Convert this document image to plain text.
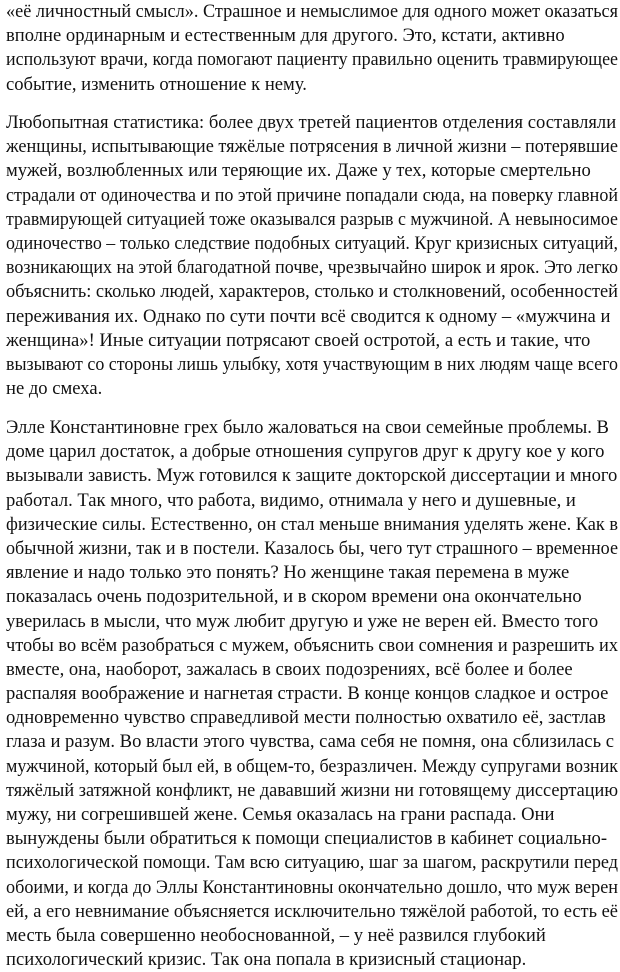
«её личностный смысл». Страшное и немыслимое для одного может оказаться
вполне ординарным и естественным для другого. Это, кстати, активно
используют врачи, когда помогают пациенту правильно оценить травмирующее
событие, изменить отношение к нему.

Любопытная статистика: более двух третей пациентов отделения составляли
женщины, испытывающие тяжёлые потрясения в личной жизни – потерявшие
мужей, возлюбленных или теряющие их. Даже у тех, которые смертельно
страдали от одиночества и по этой причине попадали сюда, на поверку главной
травмирующей ситуацией тоже оказывался разрыв с мужчиной. А невыносимое
одиночество – только следствие подобных ситуаций. Круг кризисных ситуаций,
возникающих на этой благодатной почве, чрезвычайно широк и ярок. Это легко
объяснить: сколько людей, характеров, столько и столкновений, особенностей
переживания их. Однако по сути почти всё сводится к одному – «мужчина и
женщина»! Иные ситуации потрясают своей остротой, а есть и такие, что
вызывают со стороны лишь улыбку, хотя участвующим в них людям чаще всего
не до смеха.

Элле Константиновне грех было жаловаться на свои семейные проблемы. В
доме царил достаток, а добрые отношения супругов друг к другу кое у кого
вызывали зависть. Муж готовился к защите докторской диссертации и много
работал. Так много, что работа, видимо, отнимала у него и душевные, и
физические силы. Естественно, он стал меньше внимания уделять жене. Как в
обычной жизни, так и в постели. Казалось бы, чего тут страшного – временное
явление и надо только это понять? Но женщине такая перемена в муже
показалась очень подозрительной, и в скором времени она окончательно
уверилась в мысли, что муж любит другую и уже не верен ей. Вместо того
чтобы во всём разобраться с мужем, объяснить свои сомнения и разрешить их
вместе, она, наоборот, зажалась в своих подозрениях, всё более и более
распаляя воображение и нагнетая страсти. В конце концов сладкое и острое
одновременно чувство справедливой мести полностью охватило её, застлав
глаза и разум. Во власти этого чувства, сама себя не помня, она сблизилась с
мужчиной, который был ей, в общем-то, безразличен. Между супругами возник
тяжёлый затяжной конфликт, не дававший жизни ни готовящему диссертацию
мужу, ни согрешившей жене. Семья оказалась на грани распада. Они
вынуждены были обратиться к помощи специалистов в кабинет социально-
психологической помощи. Там всю ситуацию, шаг за шагом, раскрутили перед
обоими, и когда до Эллы Константиновны окончательно дошло, что муж верен
ей, а его невнимание объясняется исключительно тяжёлой работой, то есть её
месть была совершенно необоснованной, – у неё развился глубокий
психологический кризис. Так она попала в кризисный стационар.
